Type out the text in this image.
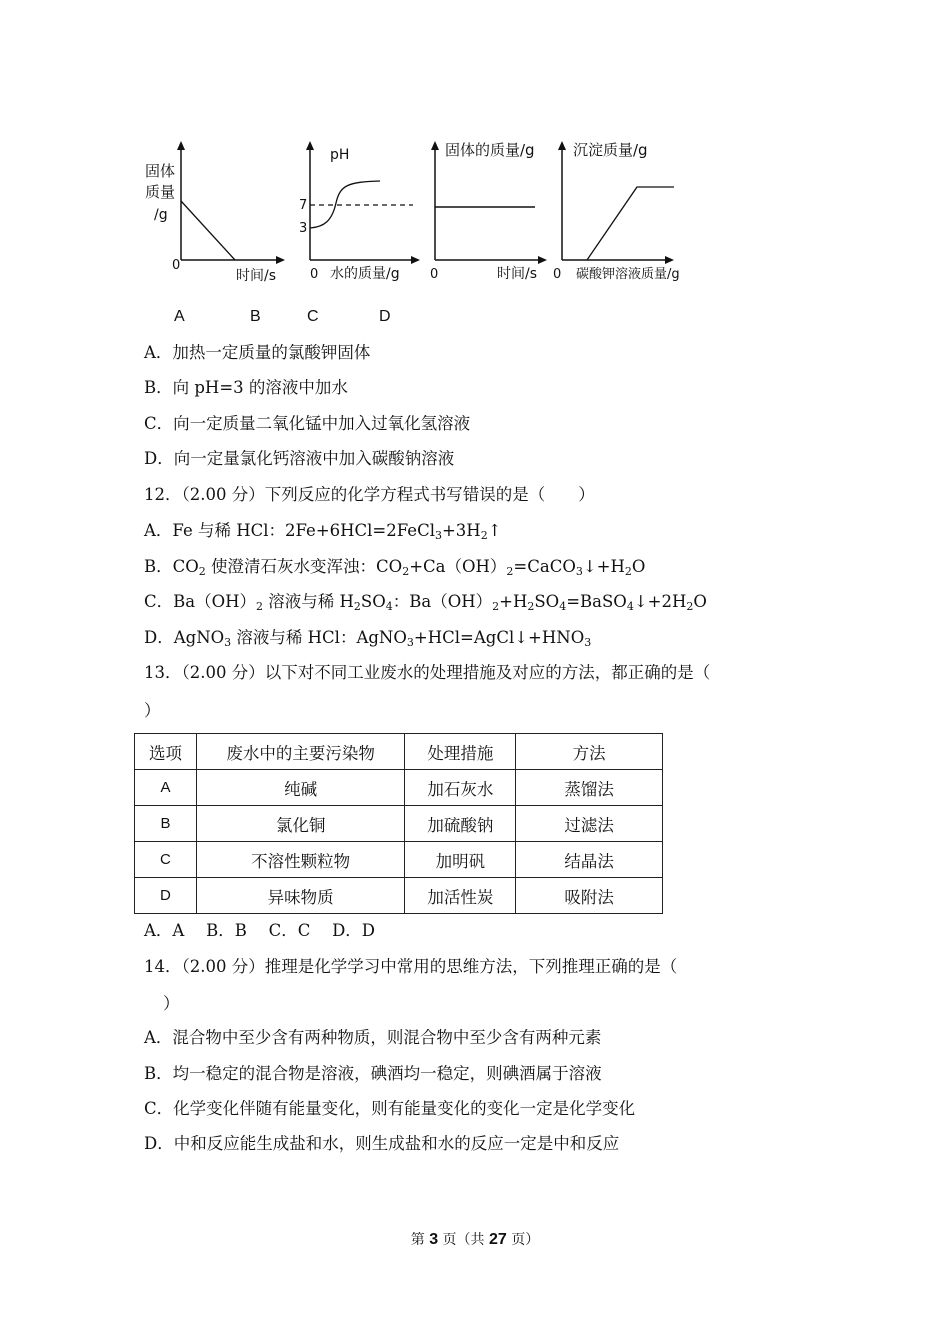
固体
质量
/g
0
时间/s
pH
7
3
0 水的质量/g
固体的质量/g
0	时间/s
沉淀质量/g
0 碳酸钾溶液质量/g
A	B	C	D
A．加热一定质量的氯酸钾固体
B．向 pH=3 的溶液中加水
C．向一定质量二氧化锰中加入过氧化氢溶液
D．向一定量氯化钙溶液中加入碳酸钠溶液
12．（2.00 分）下列反应的化学方程式书写错误的是（　　）
A．Fe 与稀 HCl：$2Fe+6HCl=2FeCl_3+3H_2↑$
B．$CO_2$ 使澄清石灰水变浑浊：$CO_2+Ca(OH)_2=CaCO_3↓+H_2O$
C．$Ba(OH)_2$ 溶液与稀 $H_2SO_4$：$Ba(OH)_2+H_2SO_4=BaSO_4↓+2H_2O$
D．AgNO$_3$ 溶液与稀 HCl：$AgNO_3+HCl=AgCl↓+HNO_3$
13．（2.00 分）以下对不同工业废水的处理措施及对应的方法，都正确的是（
）
选项	废水中的主要污染物	处理措施	方法
A	纯碱	加石灰水	蒸馏法
B	氯化铜	加硫酸钠	过滤法
C	不溶性颗粒物	加明矾	结晶法
D	异味物质	加活性炭	吸附法
A．A　 B．B　 C．C　 D．D
14．（2.00 分）推理是化学学习中常用的思维方法，下列推理正确的是（
）
A．混合物中至少含有两种物质，则混合物中至少含有两种元素
B．均一稳定的混合物是溶液，碘酒均一稳定，则碘酒属于溶液
C．化学变化伴随有能量变化，则有能量变化的变化一定是化学变化
D．中和反应能生成盐和水，则生成盐和水的反应一定是中和反应
第 3 页（共 27 页）
